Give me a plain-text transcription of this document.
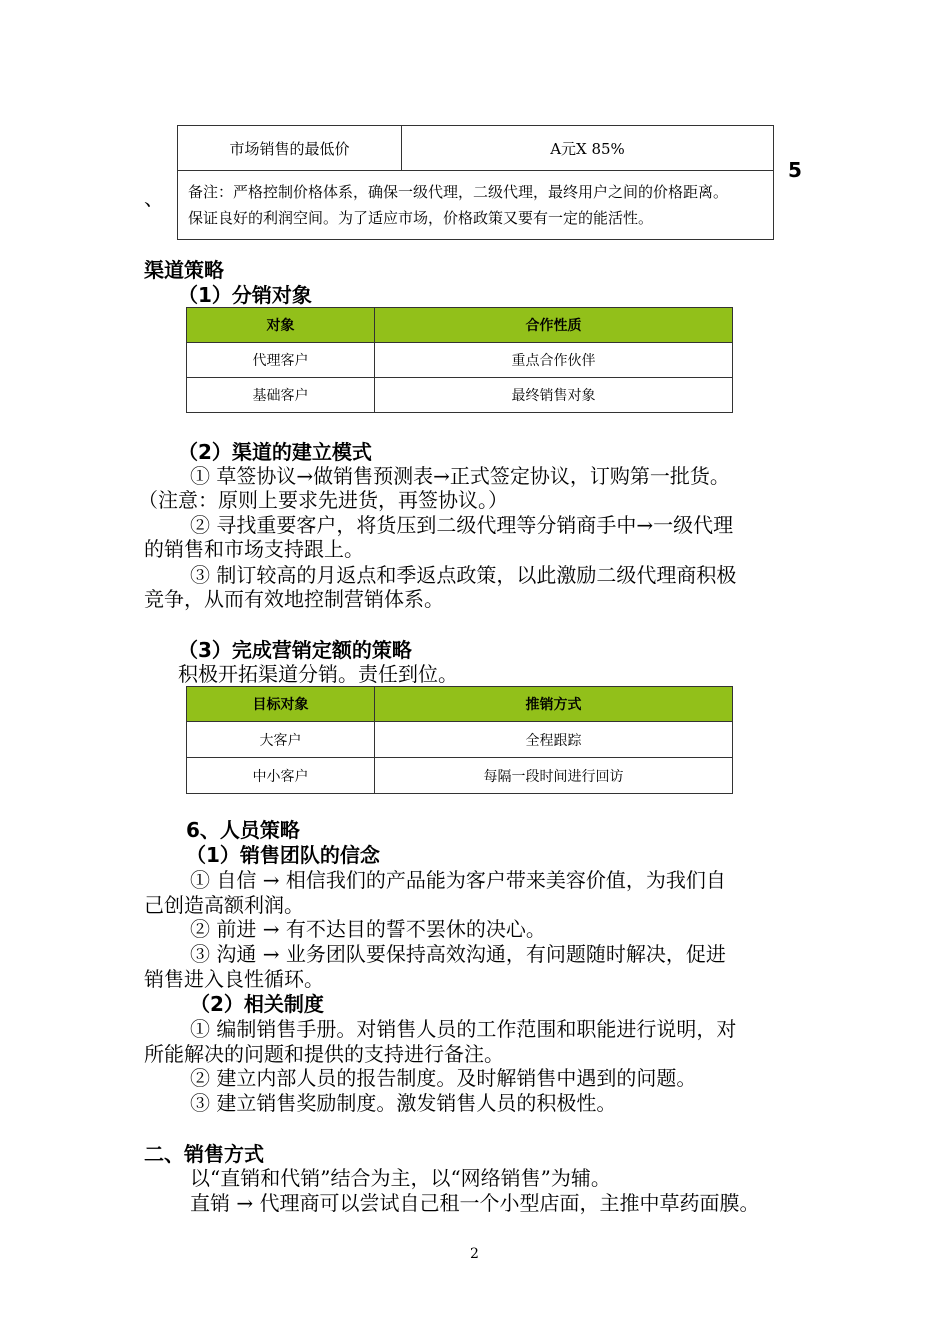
市场销售的最低价	A元X 85%

备注：严格控制价格体系，确保一级代理，二级代理，最终用户之间的价格距离。
保证良好的利润空间。为了适应市场，价格政策又要有一定的能活性。
5
、
渠道策略
（1）分销对象
对象	合作性质
代理客户	重点合作伙伴
基础客户	最终销售对象
（2）渠道的建立模式
① 草签协议→做销售预测表→正式签定协议，订购第一批货。
（注意：原则上要求先进货，再签协议。）
② 寻找重要客户，将货压到二级代理等分销商手中→一级代理
的销售和市场支持跟上。
③ 制订较高的月返点和季返点政策，以此激励二级代理商积极
竞争，从而有效地控制营销体系。
（3）完成营销定额的策略
积极开拓渠道分销。责任到位。
目标对象	推销方式
大客户	全程跟踪
中小客户	每隔一段时间进行回访
6、人员策略
（1）销售团队的信念
① 自信 → 相信我们的产品能为客户带来美容价值，为我们自
己创造高额利润。
② 前进 → 有不达目的誓不罢休的决心。
③ 沟通 → 业务团队要保持高效沟通，有问题随时解决，促进
销售进入良性循环。
（2）相关制度
① 编制销售手册。对销售人员的工作范围和职能进行说明，对
所能解决的问题和提供的支持进行备注。
② 建立内部人员的报告制度。及时解销售中遇到的问题。
③ 建立销售奖励制度。激发销售人员的积极性。
二、销售方式
以“直销和代销”结合为主，以“网络销售”为辅。
直销 → 代理商可以尝试自己租一个小型店面，主推中草药面膜。
2
